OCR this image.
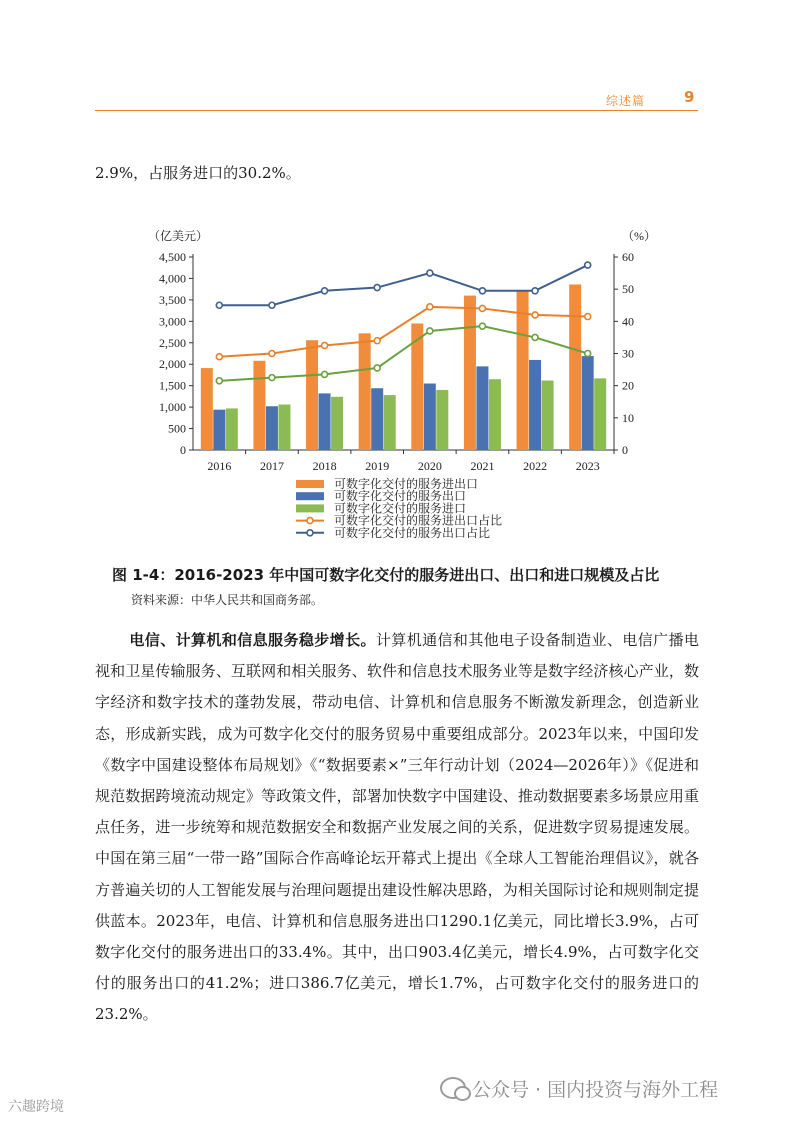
综述篇	9
2.9%，占服务进口的30.2%。
（亿美元）	（%）
0
500
1,000
1,500
2,000
2,500
3,000
3,500
4,000
4,500
0
10
20
30
40
50
60
2016 2017 2018 2019 2020 2021 2022 2023
可数字化交付的服务进出口
可数字化交付的服务出口
可数字化交付的服务进口
可数字化交付的服务进出口占比
可数字化交付的服务出口占比
图 1-4：2016-2023 年中国可数字化交付的服务进出口、出口和进口规模及占比
资料来源：中华人民共和国商务部。
电信、计算机和信息服务稳步增长。计算机通信和其他电子设备制造业、电信广播电视和卫星传输服务、互联网和相关服务、软件和信息技术服务业等是数字经济核心产业，数字经济和数字技术的蓬勃发展，带动电信、计算机和信息服务不断激发新理念，创造新业态，形成新实践，成为可数字化交付的服务贸易中重要组成部分。2023年以来，中国印发《数字中国建设整体布局规划》《“数据要素×”三年行动计划（2024—2026年）》《促进和规范数据跨境流动规定》等政策文件，部署加快数字中国建设、推动数据要素多场景应用重点任务，进一步统筹和规范数据安全和数据产业发展之间的关系，促进数字贸易提速发展。中国在第三届“一带一路”国际合作高峰论坛开幕式上提出《全球人工智能治理倡议》，就各方普遍关切的人工智能发展与治理问题提出建设性解决思路，为相关国际讨论和规则制定提供蓝本。2023年，电信、计算机和信息服务进出口1290.1亿美元，同比增长3.9%，占可数字化交付的服务进出口的33.4%。其中，出口903.4亿美元，增长4.9%，占可数字化交付的服务出口的41.2%；进口386.7亿美元，增长1.7%，占可数字化交付的服务进口的23.2%。
公众号 · 国内投资与海外工程
六趣跨境
